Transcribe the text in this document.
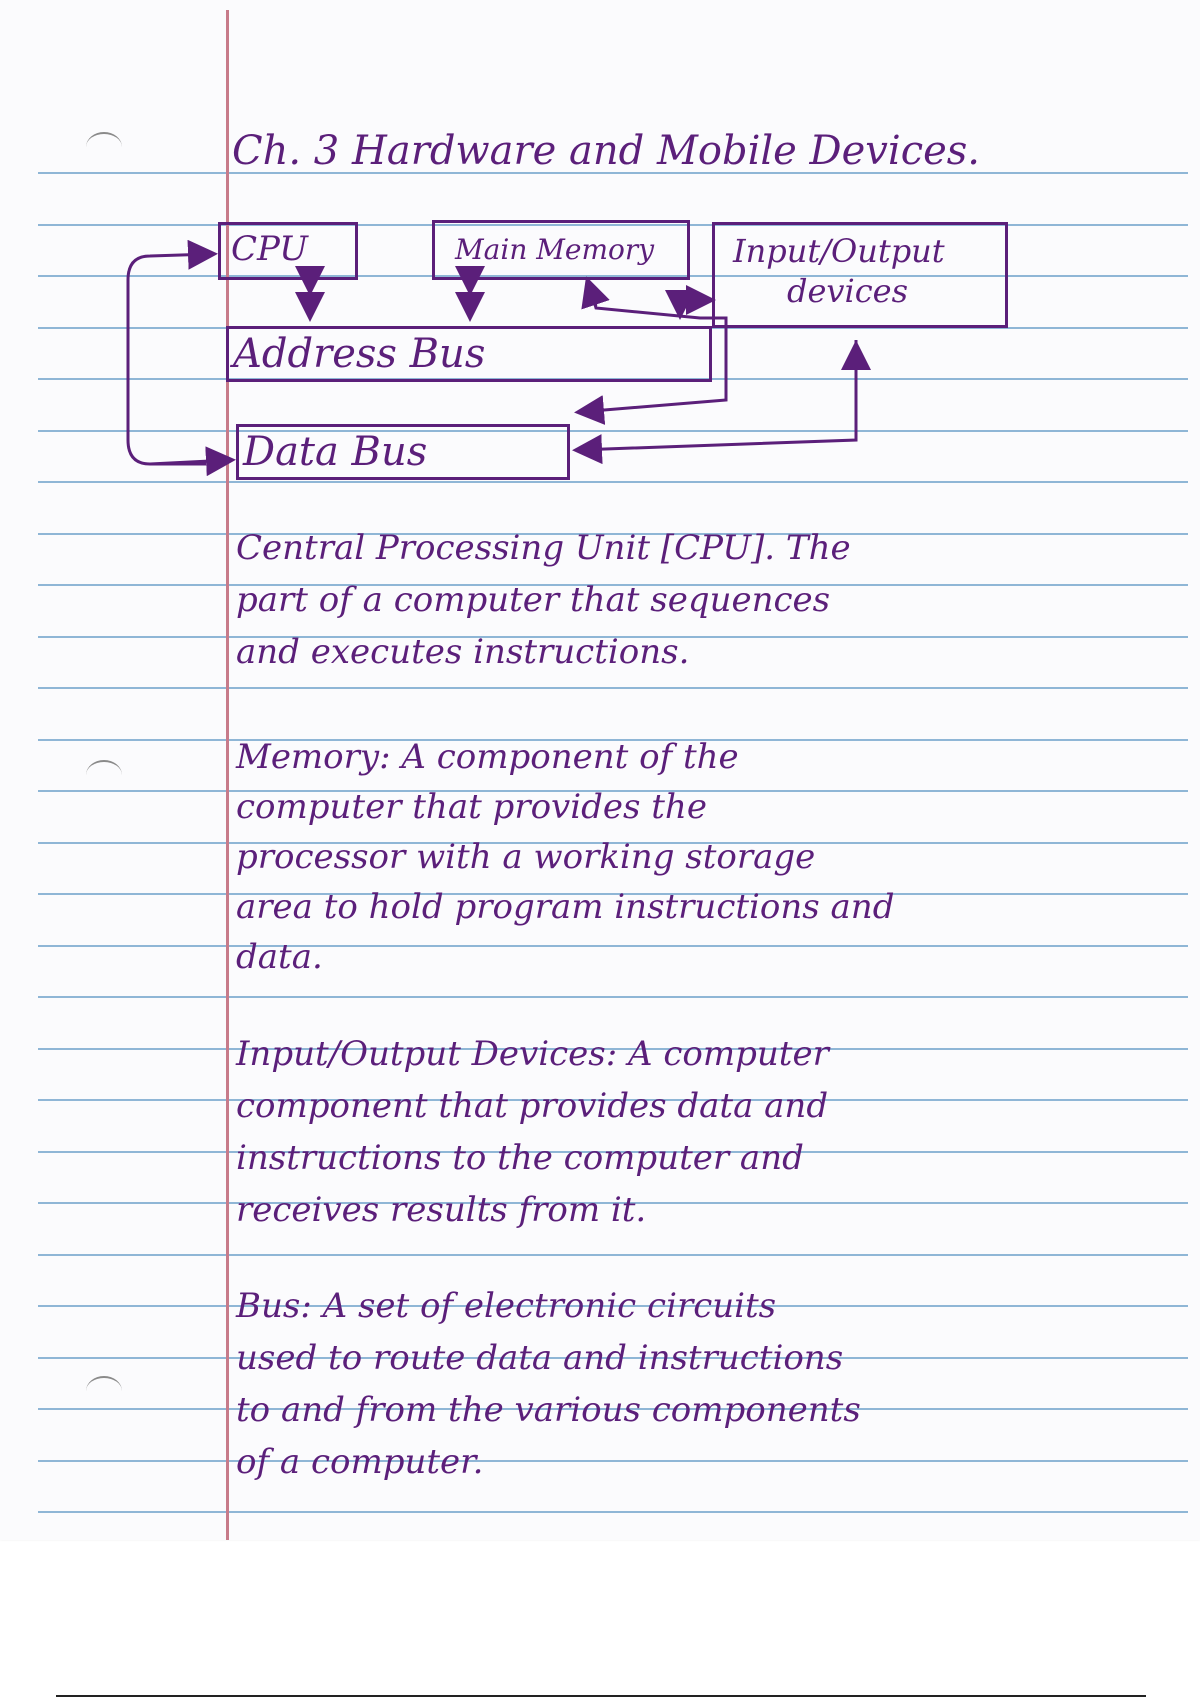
Ch. 3 Hardware and Mobile Devices.
CPU	Main Memory	Input/Output
devices
Address Bus
Data Bus
Central Processing Unit [CPU]. The
part of a computer that sequences
and executes instructions.
Memory: A component of the
computer that provides the
processor with a working storage
area to hold program instructions and
data.
Input/Output Devices: A computer
component that provides data and
instructions to the computer and
receives results from it.
Bus: A set of electronic circuits
used to route data and instructions
to and from the various components
of a computer.
